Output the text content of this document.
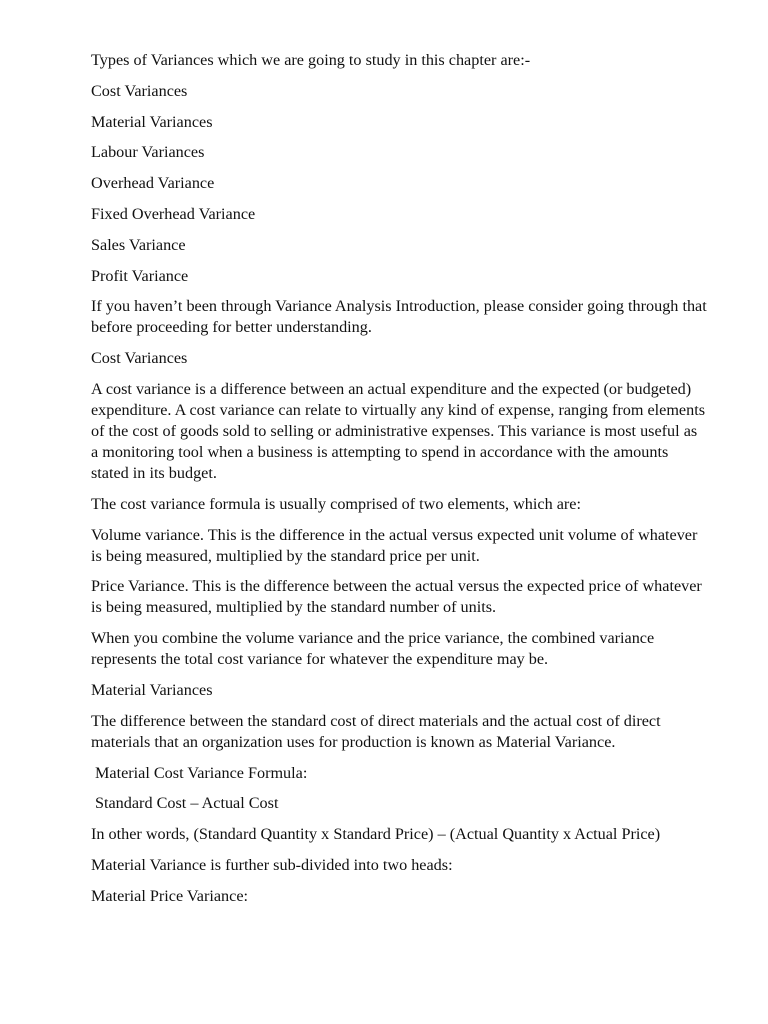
Types of Variances which we are going to study in this chapter are:-

Cost Variances

Material Variances

Labour Variances

Overhead Variance

Fixed Overhead Variance

Sales Variance

Profit Variance

If you haven’t been through Variance Analysis Introduction, please consider going through that before proceeding for better understanding.

Cost Variances

A cost variance is a difference between an actual expenditure and the expected (or budgeted) expenditure. A cost variance can relate to virtually any kind of expense, ranging from elements of the cost of goods sold to selling or administrative expenses. This variance is most useful as a monitoring tool when a business is attempting to spend in accordance with the amounts stated in its budget.

The cost variance formula is usually comprised of two elements, which are:

Volume variance. This is the difference in the actual versus expected unit volume of whatever is being measured, multiplied by the standard price per unit.

Price Variance. This is the difference between the actual versus the expected price of whatever is being measured, multiplied by the standard number of units.

When you combine the volume variance and the price variance, the combined variance represents the total cost variance for whatever the expenditure may be.

Material Variances

The difference between the standard cost of direct materials and the actual cost of direct materials that an organization uses for production is known as Material Variance.

Material Cost Variance Formula:

Standard Cost – Actual Cost

In other words, (Standard Quantity x Standard Price) – (Actual Quantity x Actual Price)

Material Variance is further sub-divided into two heads:

Material Price Variance:
